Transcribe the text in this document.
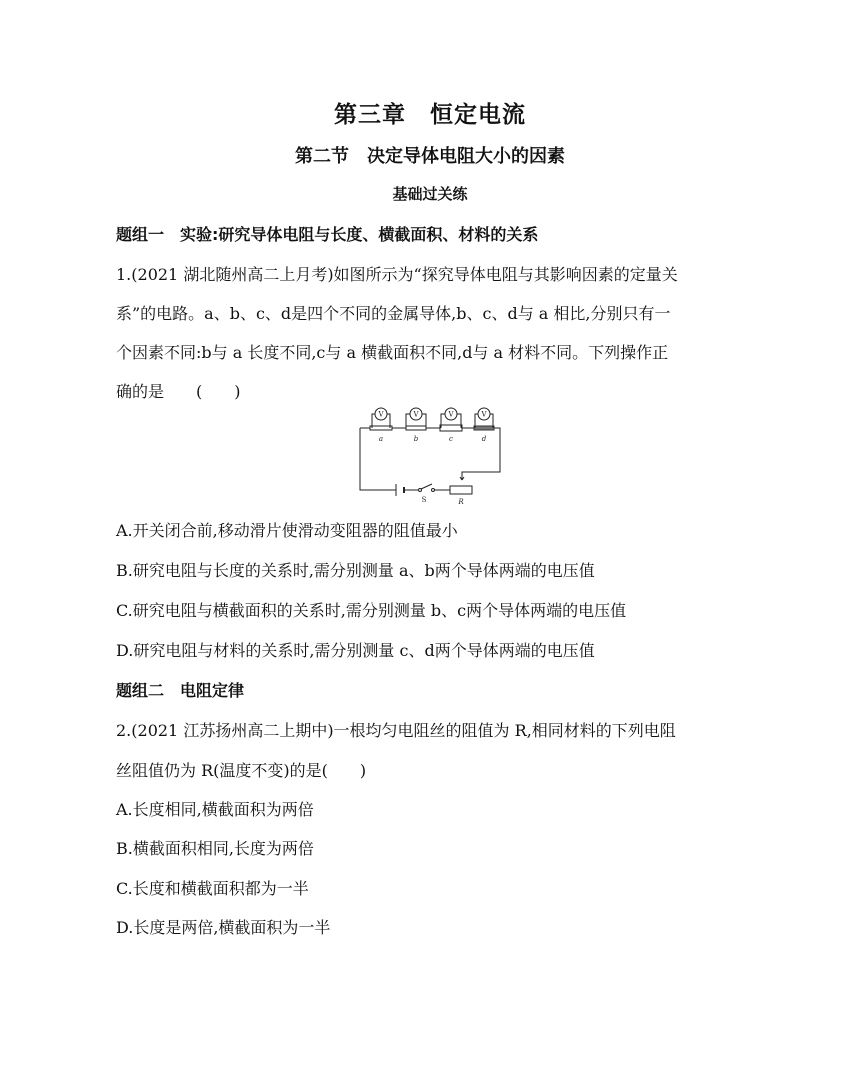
第三章　恒定电流
第二节　决定导体电阻大小的因素
基础过关练
题组一　实验:研究导体电阻与长度、横截面积、材料的关系
1.(2021 湖北随州高二上月考)如图所示为“探究导体电阻与其影响因素的定量关
系”的电路。a、b、c、d是四个不同的金属导体,b、c、d与 a 相比,分别只有一
个因素不同:b与 a 长度不同,c与 a 横截面积不同,d与 a 材料不同。下列操作正
确的是　　(　　)
V	V	V	V
a	b	c	d
R
S
A.开关闭合前,移动滑片使滑动变阻器的阻值最小
B.研究电阻与长度的关系时,需分别测量 a、b两个导体两端的电压值
C.研究电阻与横截面积的关系时,需分别测量 b、c两个导体两端的电压值
D.研究电阻与材料的关系时,需分别测量 c、d两个导体两端的电压值
题组二　电阻定律
2.(2021 江苏扬州高二上期中)一根均匀电阻丝的阻值为 R,相同材料的下列电阻
丝阻值仍为 R(温度不变)的是(　　)
A.长度相同,横截面积为两倍
B.横截面积相同,长度为两倍
C.长度和横截面积都为一半
D.长度是两倍,横截面积为一半
